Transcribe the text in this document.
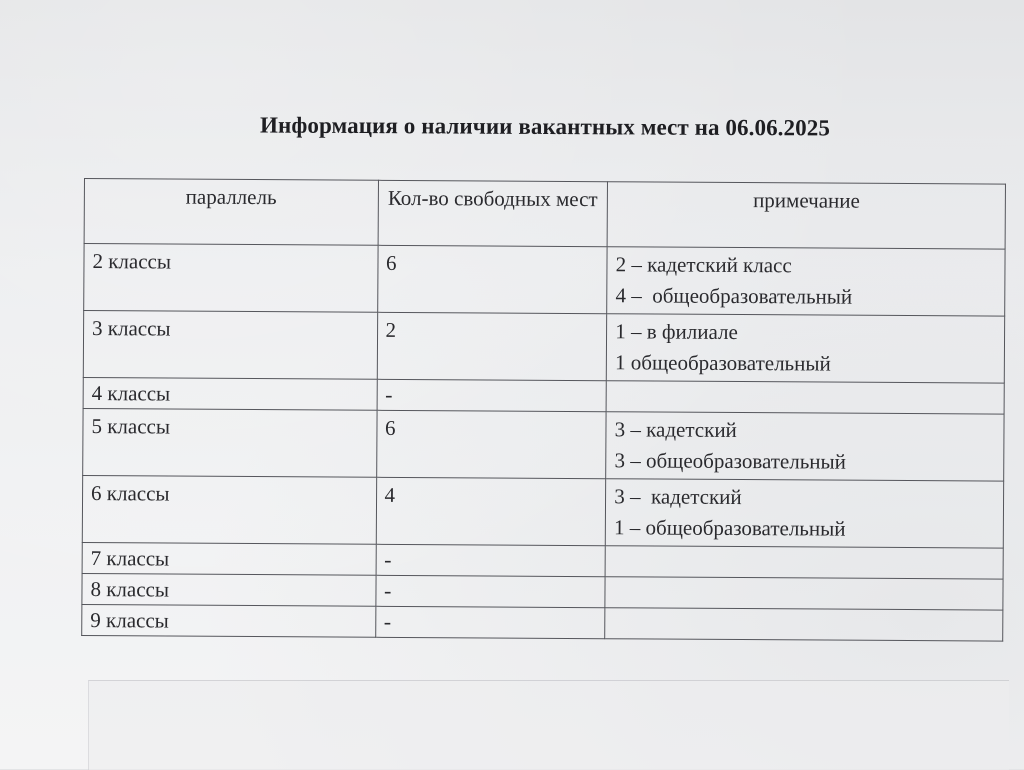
Информация о наличии вакантных мест на 06.06.2025
параллель	Кол-во свободных мест	примечание
2 классы	6	2 – кадетский класс
4 –  общеобразовательный

3 классы	2	1 – в филиале
1 общеобразовательный

4 классы	-	
5 классы	6	3 – кадетский
3 – общеобразовательный

6 классы	4	3 –  кадетский
1 – общеобразовательный

7 классы	-	
8 классы	-	
9 классы	-	
